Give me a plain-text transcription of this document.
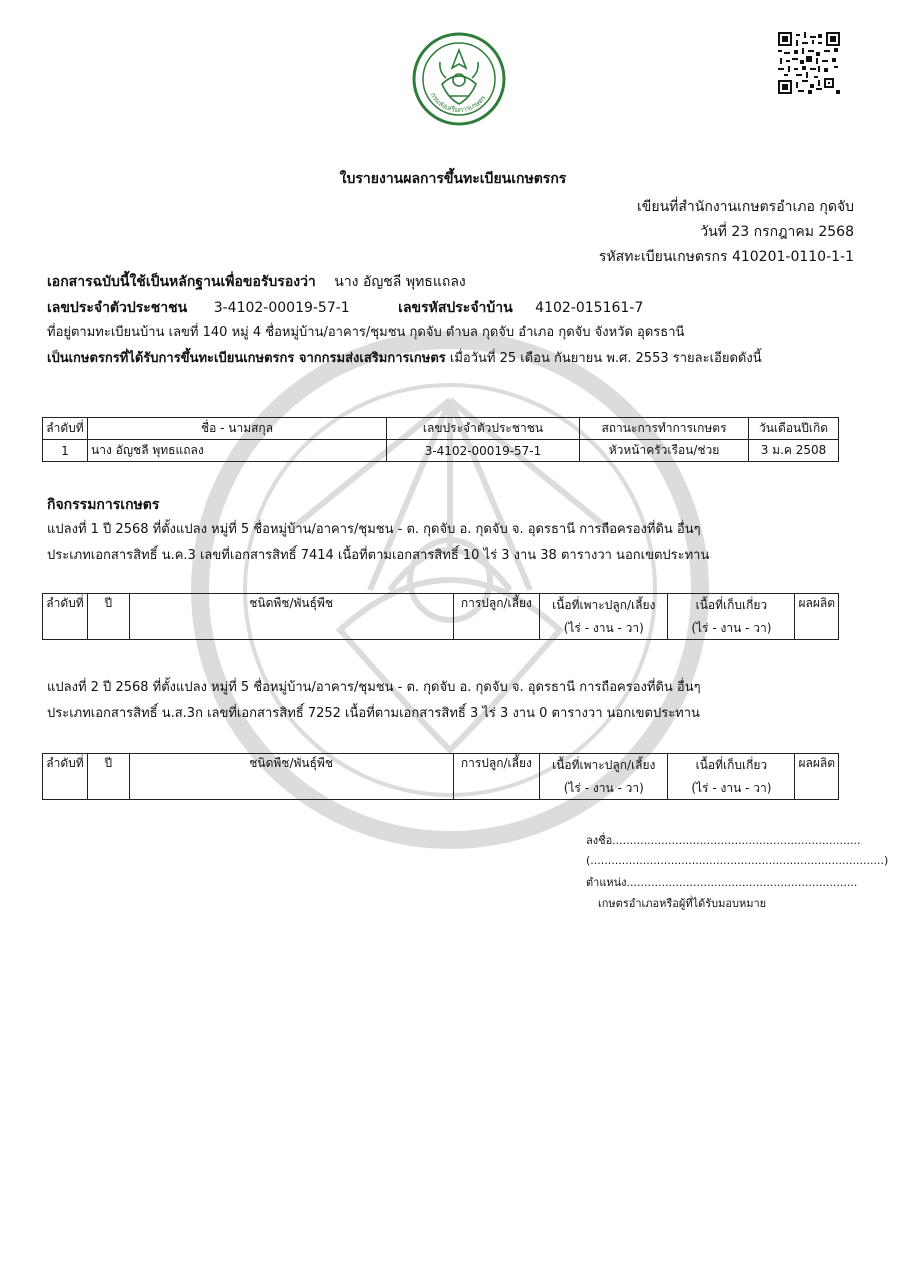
กรมส่งเสริมการเกษตร
ใบรายงานผลการขึ้นทะเบียนเกษตรกร
เขียนที่สำนักงานเกษตรอำเภอ กุดจับ
วันที่ 23 กรกฎาคม 2568
รหัสทะเบียนเกษตรกร 410201-0110-1-1
เอกสารฉบับนี้ใช้เป็นหลักฐานเพื่อขอรับรองว่า นาง อัญชลี พุทธแถลง
เลขประจำตัวประชาชน 3-4102-00019-57-1	เลขรหัสประจำบ้าน 4102-015161-7
ที่อยู่ตามทะเบียนบ้าน เลขที่ 140 หมู่ 4 ชื่อหมู่บ้าน/อาคาร/ชุมชน กุดจับ ตำบล กุดจับ อำเภอ กุดจับ จังหวัด อุดรธานี
เป็นเกษตรกรที่ได้รับการขึ้นทะเบียนเกษตรกร จากกรมส่งเสริมการเกษตร เมื่อวันที่ 25 เดือน กันยายน พ.ศ. 2553 รายละเอียดดังนี้
ลำดับที่	ชื่อ - นามสกุล	เลขประจำตัวประชาชน	สถานะการทำการเกษตร	วันเดือนปีเกิด
1	นาง อัญชลี พุทธแถลง	3-4102-00019-57-1	หัวหน้าครัวเรือน/ช่วย	3 ม.ค 2508
กิจกรรมการเกษตร
แปลงที่ 1 ปี 2568 ที่ตั้งแปลง หมู่ที่ 5 ชื่อหมู่บ้าน/อาคาร/ชุมชน - ต. กุดจับ อ. กุดจับ จ. อุดรธานี การถือครองที่ดิน อื่นๆ
ประเภทเอกสารสิทธิ์ น.ค.3 เลขที่เอกสารสิทธิ์ 7414 เนื้อที่ตามเอกสารสิทธิ์ 10 ไร่ 3 งาน 38 ตารางวา นอกเขตประทาน
ลำดับที่	ปี	ชนิดพืช/พันธุ์พืช	การปลูก/เลี้ยง	เนื้อที่เพาะปลูก/เลี้ยง	เนื้อที่เก็บเกี่ยว	ผลผลิต
				(ไร่ - งาน - วา)	(ไร่ - งาน - วา)	
แปลงที่ 2 ปี 2568 ที่ตั้งแปลง หมู่ที่ 5 ชื่อหมู่บ้าน/อาคาร/ชุมชน - ต. กุดจับ อ. กุดจับ จ. อุดรธานี การถือครองที่ดิน อื่นๆ
ประเภทเอกสารสิทธิ์ น.ส.3ก เลขที่เอกสารสิทธิ์ 7252 เนื้อที่ตามเอกสารสิทธิ์ 3 ไร่ 3 งาน 0 ตารางวา นอกเขตประทาน
ลำดับที่	ปี	ชนิดพืช/พันธุ์พืช	การปลูก/เลี้ยง	เนื้อที่เพาะปลูก/เลี้ยง	เนื้อที่เก็บเกี่ยว	ผลผลิต
				(ไร่ - งาน - วา)	(ไร่ - งาน - วา)	
ลงชื่อ.......................................................................
(....................................................................................)
ตำแหน่ง..................................................................
เกษตรอำเภอหรือผู้ที่ได้รับมอบหมาย
